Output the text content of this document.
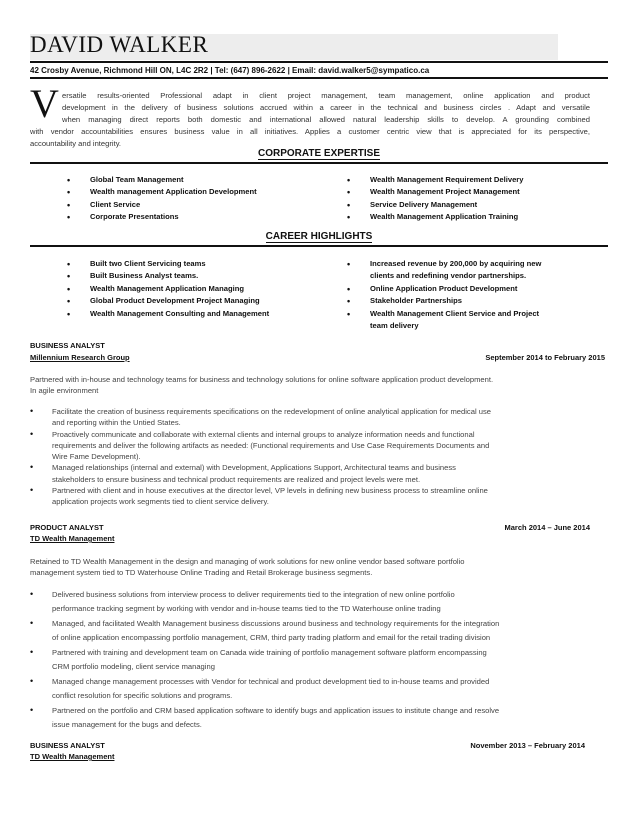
DAVID WALKER
42 Crosby Avenue, Richmond Hill ON, L4C 2R2 | Tel: (647) 896-2622 | Email: david.walker5@sympatico.ca
V ersatile results-oriented Professional adapt in client project management, team management, online application and product
development in the delivery of business solutions accrued within a career in the technical and business circles . Adapt and versatile
when managing direct reports both domestic and international allowed natural leadership skills to develop. A grounding combined
with vendor accountabilities ensures business value in all initiatives. Applies a customer centric view that is appreciated for its perspective,
accountability and integrity.
CORPORATE EXPERTISE
• Global Team Management
• Wealth management Application Development
• Client Service
• Corporate Presentations
• Wealth Management Requirement Delivery
• Wealth Management Project Management
• Service Delivery Management
• Wealth Management Application Training
CAREER HIGHLIGHTS
• Built two Client Servicing teams
• Built Business Analyst teams.
• Wealth Management Application Managing
• Global Product Development Project Managing
• Wealth Management Consulting and Management
• Increased revenue by 200,000 by acquiring new
clients and redefining vendor partnerships.
• Online Application Product Development
• Stakeholder Partnerships
• Wealth Management Client Service and Project
team delivery
BUSINESS ANALYST
Millennium Research Group	September 2014 to February 2015
Partnered with in-house and technology teams for business and technology solutions for online software application product development.
In agile environment
• Facilitate the creation of business requirements specifications on the redevelopment of online analytical application for medical use
and reporting within the Untied States.
• Proactively communicate and collaborate with external clients and internal groups to analyze information needs and functional
requirements and deliver the following artifacts as needed: (Functional requirements and Use Case Requirements Documents and
Wire Fame Development).
• Managed relationships (internal and external) with Development, Applications Support, Architectural teams and business
stakeholders to ensure business and technical product requirements are realized and project levels were met.
• Partnered with client and in house executives at the director level, VP levels in defining new business process to streamline online
application projects work segments tied to client service delivery.
PRODUCT ANALYST	March 2014 – June 2014
TD Wealth Management
Retained to TD Wealth Management in the design and managing of work solutions for new online vendor based software portfolio
management system tied to TD Waterhouse Online Trading and Retail Brokerage business segments.
• Delivered business solutions from interview process to deliver requirements tied to the integration of new online portfolio
performance tracking segment by working with vendor and in-house teams tied to the TD Waterhouse online trading
• Managed, and facilitated Wealth Management business discussions around business and technology requirements for the integration
of online application encompassing portfolio management, CRM, third party trading platform and email for the retail trading division
• Partnered with training and development team on Canada wide training of portfolio management software platform encompassing
CRM portfolio modeling, client service managing
• Managed change management processes with Vendor for technical and product development tied to in-house teams and provided
conflict resolution for specific solutions and programs.
• Partnered on the portfolio and CRM based application software to identify bugs and application issues to institute change and resolve
issue management for the bugs and defects.
BUSINESS ANALYST	November 2013 – February 2014
TD Wealth Management
